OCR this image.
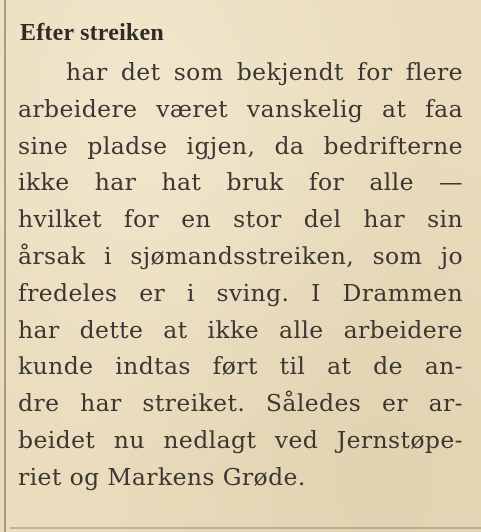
Efter streiken

har det som bekjendt for flere
arbeidere været vanskelig at faa
sine pladse igjen, da bedrifterne
ikke har hat bruk for alle —
hvilket for en stor del har sin
årsak i sjømandsstreiken, som jo
fredeles er i sving. I Drammen
har dette at ikke alle arbeidere
kunde indtas ført til at de an-
dre har streiket. Således er ar-
beidet nu nedlagt ved Jernstøpe-
riet og Markens Grøde.
